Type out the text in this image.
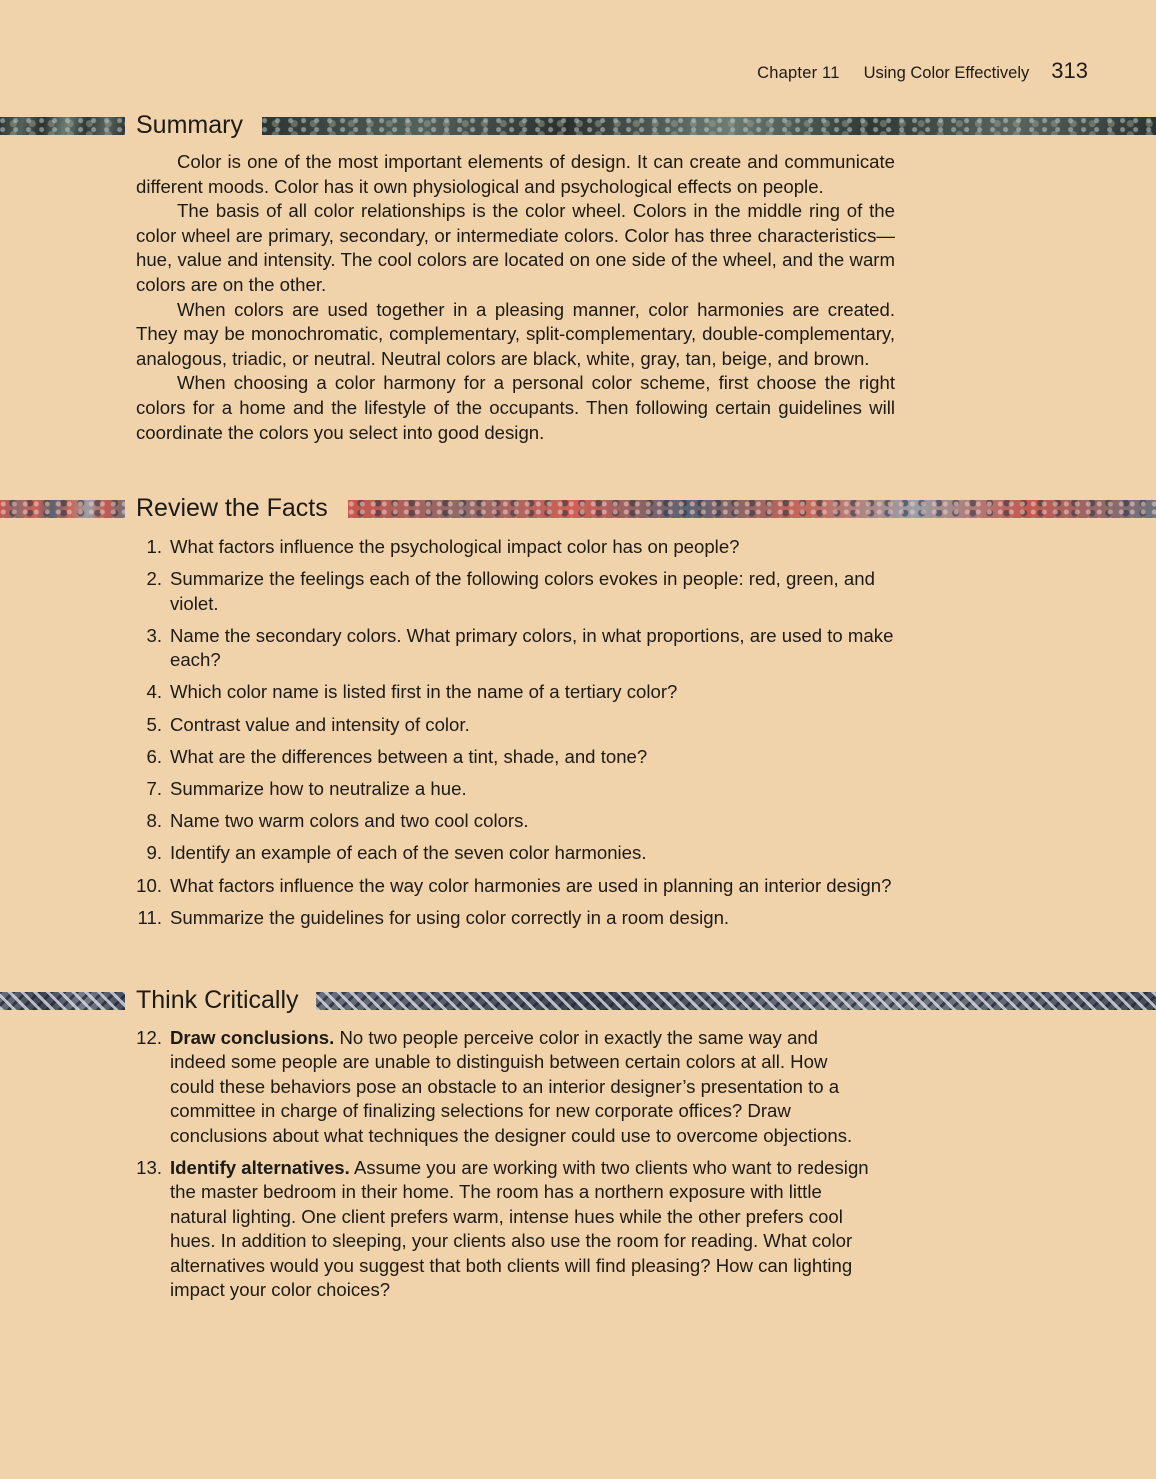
Chapter 11 Using Color Effectively 313
Summary

Color is one of the most important elements of design. It can create and communicate different moods. Color has it own physiological and psychological effects on people.

The basis of all color relationships is the color wheel. Colors in the middle ring of the color wheel are primary, secondary, or intermediate colors. Color has three characteristics—hue, value and intensity. The cool colors are located on one side of the wheel, and the warm colors are on the other.

When colors are used together in a pleasing manner, color harmonies are created. They may be monochromatic, complementary, split-complementary, double-complementary, analogous, triadic, or neutral. Neutral colors are black, white, gray, tan, beige, and brown.

When choosing a color harmony for a personal color scheme, first choose the right colors for a home and the lifestyle of the occupants. Then following certain guidelines will coordinate the colors you select into good design.

Review the Facts
1. What factors influence the psychological impact color has on people?
2. Summarize the feelings each of the following colors evokes in people: red, green, and violet.
3. Name the secondary colors. What primary colors, in what proportions, are used to make each?
4. Which color name is listed first in the name of a tertiary color?
5. Contrast value and intensity of color.
6. What are the differences between a tint, shade, and tone?
7. Summarize how to neutralize a hue.
8. Name two warm colors and two cool colors.
9. Identify an example of each of the seven color harmonies.
10. What factors influence the way color harmonies are used in planning an interior design?
11. Summarize the guidelines for using color correctly in a room design.
Think Critically
12. Draw conclusions. No two people perceive color in exactly the same way and indeed some people are unable to distinguish between certain colors at all. How could these behaviors pose an obstacle to an interior designer’s presentation to a committee in charge of finalizing selections for new corporate offices? Draw conclusions about what techniques the designer could use to overcome objections.
13. Identify alternatives. Assume you are working with two clients who want to redesign the master bedroom in their home. The room has a northern exposure with little natural lighting. One client prefers warm, intense hues while the other prefers cool hues. In addition to sleeping, your clients also use the room for reading. What color alternatives would you suggest that both clients will find pleasing? How can lighting impact your color choices?
